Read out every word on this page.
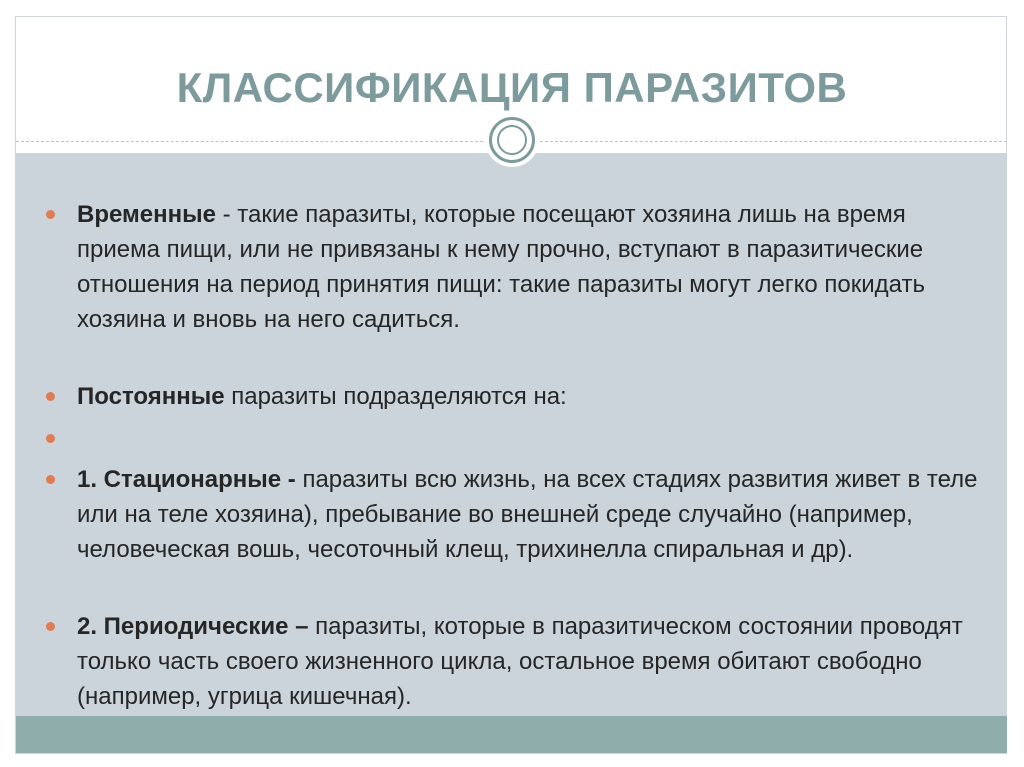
КЛАССИФИКАЦИЯ ПАРАЗИТОВ
Временные - такие паразиты, которые посещают хозяина лишь на время приема пищи, или не привязаны к нему прочно, вступают в паразитические отношения на период принятия пищи: такие паразиты могут легко покидать хозяина и вновь на него садиться.
Постоянные паразиты подразделяются на:
1. Стационарные - паразиты всю жизнь, на всех стадиях развития живет в теле или на теле хозяина), пребывание во внешней среде случайно (например, человеческая вошь, чесоточный клещ, трихинелла спиральная и др).
2. Периодические – паразиты, которые в паразитическом состоянии проводят только часть своего жизненного цикла, остальное время обитают свободно (например, угрица кишечная).
